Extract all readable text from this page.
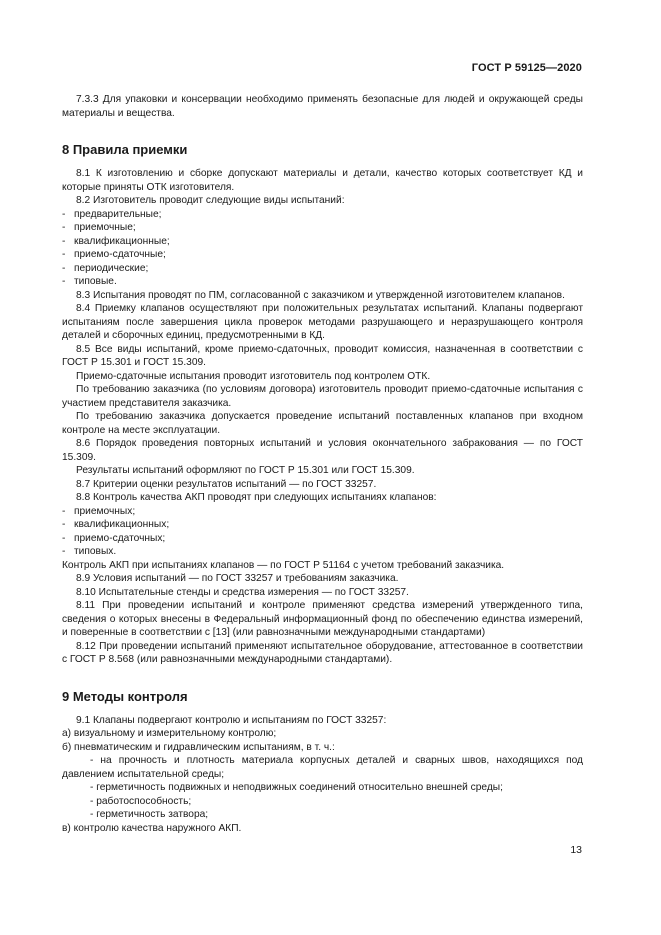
ГОСТ Р 59125—2020

7.3.3 Для упаковки и консервации необходимо применять безопасные для людей и окружающей среды материалы и вещества.

8 Правила приемки

8.1 К изготовлению и сборке допускают материалы и детали, качество которых соответствует КД и которые приняты ОТК изготовителя.

8.2 Изготовитель проводит следующие виды испытаний:

- предварительные;

- приемочные;

- квалификационные;

- приемо-сдаточные;

- периодические;

- типовые.

8.3 Испытания проводят по ПМ, согласованной с заказчиком и утвержденной изготовителем клапанов.

8.4 Приемку клапанов осуществляют при положительных результатах испытаний. Клапаны подвергают испытаниям после завершения цикла проверок методами разрушающего и неразрушающего контроля деталей и сборочных единиц, предусмотренными в КД.

8.5 Все виды испытаний, кроме приемо-сдаточных, проводит комиссия, назначенная в соответствии с ГОСТ Р 15.301 и ГОСТ 15.309.

Приемо-сдаточные испытания проводит изготовитель под контролем ОТК.

По требованию заказчика (по условиям договора) изготовитель проводит приемо-сдаточные испытания с участием представителя заказчика.

По требованию заказчика допускается проведение испытаний поставленных клапанов при входном контроле на месте эксплуатации.

8.6 Порядок проведения повторных испытаний и условия окончательного забракования — по ГОСТ 15.309.

Результаты испытаний оформляют по ГОСТ Р 15.301 или ГОСТ 15.309.

8.7 Критерии оценки результатов испытаний — по ГОСТ 33257.

8.8 Контроль качества АКП проводят при следующих испытаниях клапанов:

- приемочных;

- квалификационных;

- приемо-сдаточных;

- типовых.

Контроль АКП при испытаниях клапанов — по ГОСТ Р 51164 с учетом требований заказчика.

8.9 Условия испытаний — по ГОСТ 33257 и требованиям заказчика.

8.10 Испытательные стенды и средства измерения — по ГОСТ 33257.

8.11 При проведении испытаний и контроле применяют средства измерений утвержденного типа, сведения о которых внесены в Федеральный информационный фонд по обеспечению единства измерений, и поверенные в соответствии с [13] (или равнозначными международными стандартами)

8.12 При проведении испытаний применяют испытательное оборудование, аттестованное в соответствии с ГОСТ Р 8.568 (или равнозначными международными стандартами).

9 Методы контроля

9.1 Клапаны подвергают контролю и испытаниям по ГОСТ 33257:

а) визуальному и измерительному контролю;

б) пневматическим и гидравлическим испытаниям, в т. ч.:

- на прочность и плотность материала корпусных деталей и сварных швов, находящихся под давлением испытательной среды;

- герметичность подвижных и неподвижных соединений относительно внешней среды;

- работоспособность;

- герметичность затвора;

в) контролю качества наружного АКП.

13
